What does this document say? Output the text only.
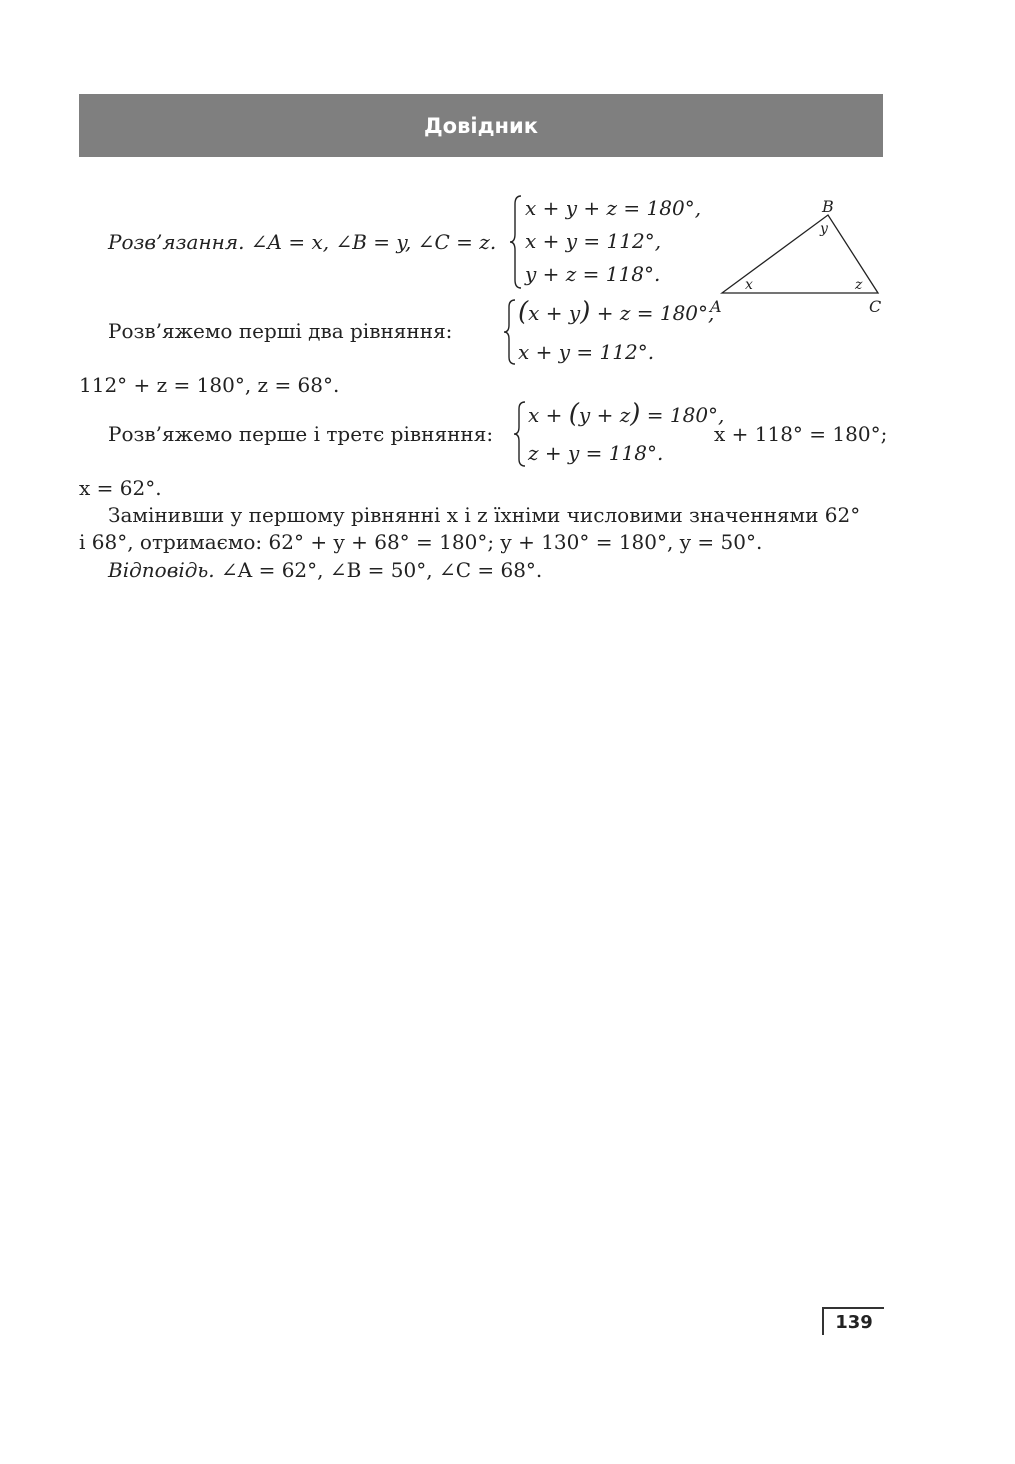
Довідник
Розв’язання. ∠A = x, ∠B = y, ∠C = z.
x + y + z = 180°,
x + y = 112°,
y + z = 118°.
B
A	C
y
x	z
Розв’яжемо перші два рівняння:
(x + y) + z = 180°,
x + y = 112°.
112° + z = 180°, z = 68°.
Розв’яжемо перше і третє рівняння:
x + (y + z) = 180°,
z + y = 118°.
x + 118° = 180°;
x = 62°.
Замінивши у першому рівнянні x і z їхніми числовими значеннями 62°
і 68°, отримаємо: 62° + y + 68° = 180°; y + 130° = 180°, y = 50°.
Відповідь. ∠A = 62°, ∠B = 50°, ∠C = 68°.
139
